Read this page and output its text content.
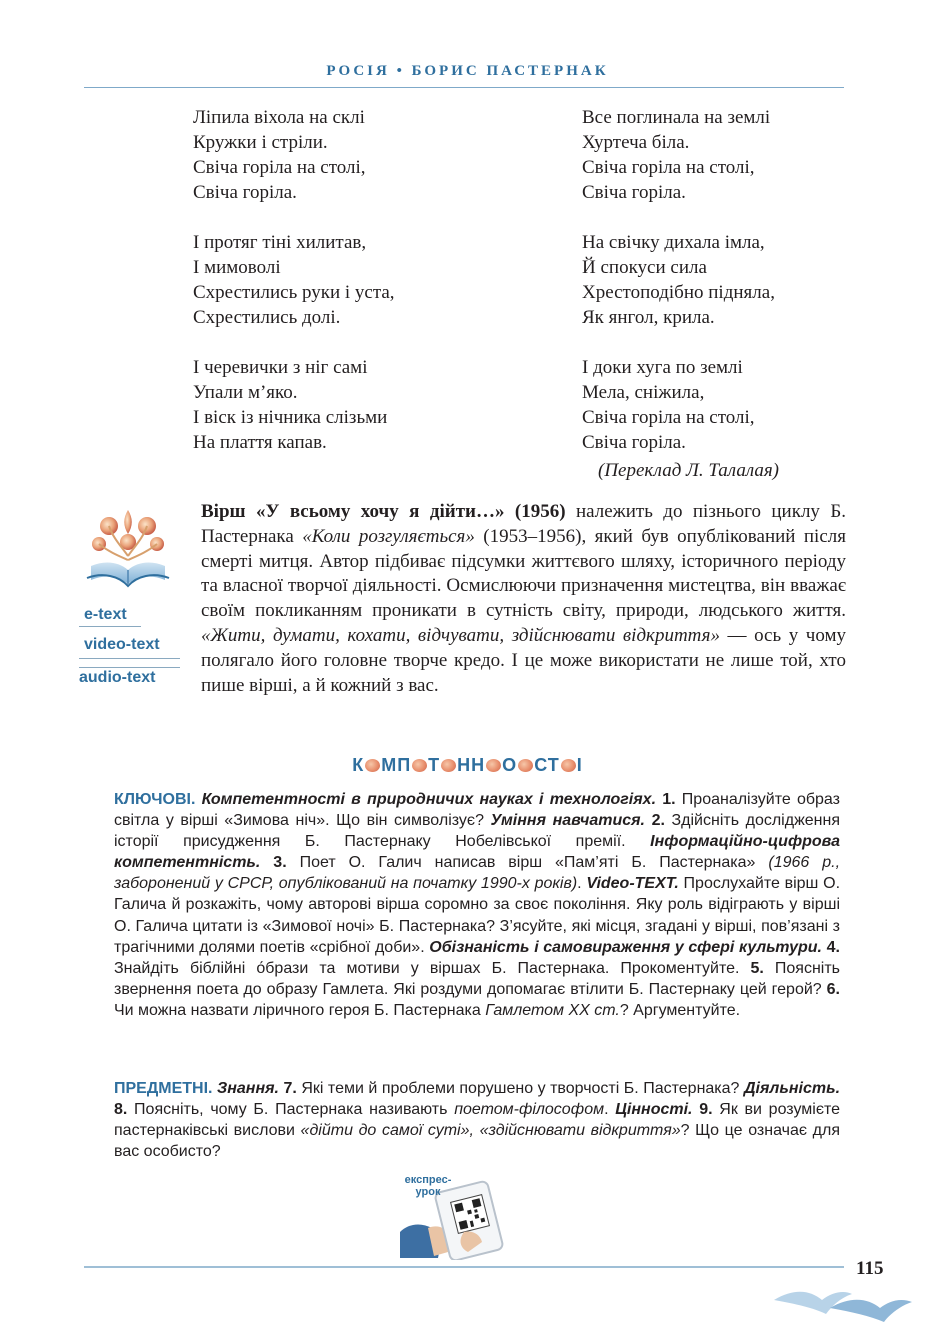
РОСІЯ • БОРИС ПАСТЕРНАК
Ліпила віхола на склі
Кружки і стріли.
Свіча горіла на столі,
Свіча горіла.
І протяг тіні хилитав,
І мимоволі
Схрестились руки і уста,
Схрестились долі.
І черевички з ніг самі
Упали м’яко.
І віск із нічника слізьми
На плаття капав.
Все поглинала на землі
Хуртеча біла.
Свіча горіла на столі,
Свіча горіла.
На свічку дихала імла,
Й спокуси сила
Хрестоподібно підняла,
Як янгол, крила.
І доки хуга по землі
Мела, сніжила,
Свіча горіла на столі,
Свіча горіла.
(Переклад Л. Талалая)
e-text
video-text
audio-text
Вірш «У всьому хочу я дійти…» (1956) належить до пізнього циклу Б. Пастернака «Коли розгуляється» (1953–1956), який був опублікований після смерті митця. Автор підбиває підсумки життєвого шляху, історичного періоду та власної творчої діяльності. Осмислюючи призначення мистецтва, він вважає своїм покликанням проникати в сутність світу, природи, людського життя. «Жити, думати, кохати, відчувати, здійснювати відкриття» — ось у чому полягало його головне творче кредо. І це може використати не лише той, хто пише вірші, а й кожний з вас.
К МП Т НН О СТ І
КЛЮЧОВІ. Компетентності в природничих науках і технологіях. 1. Проаналізуйте образ світла у вірші «Зимова ніч». Що він символізує? Уміння навчатися. 2. Здійсніть дослідження історії присудження Б. Пастернаку Нобелівської премії. Інформаційно-цифрова компетентність. 3. Поет О. Галич написав вірш «Пам’яті Б. Пастернака» (1966 р., заборонений у СРСР, опублікований на початку 1990-х років). Video-TEXT. Прослухайте вірш О. Галича й розкажіть, чому авторові вірша соромно за своє покоління. Яку роль відіграють у вірші О. Галича цитати із «Зимової ночі» Б. Пастернака? З’ясуйте, які місця, згадані у вірші, пов’язані з трагічними долями поетів «срібної доби». Обізнаність і самовираження у сфері культури. 4. Знайдіть біблійні о́брази та мотиви у віршах Б. Пастернака. Прокоментуйте. 5. Поясніть звернення поета до образу Гамлета. Які роздуми допомагає втілити Б. Пастернаку цей герой? 6. Чи можна назвати ліричного героя Б. Пастернака Гамлетом XX ст.? Аргументуйте.
ПРЕДМЕТНІ. Знання. 7. Які теми й проблеми порушено у творчості Б. Пастернака? Діяльність. 8. Поясніть, чому Б. Пастернака називають поетом-філософом. Цінності. 9. Як ви розумієте пастернаківські вислови «дійти до самої суті», «здійснювати відкриття»? Що це означає для вас особисто?
експрес-урок
115
